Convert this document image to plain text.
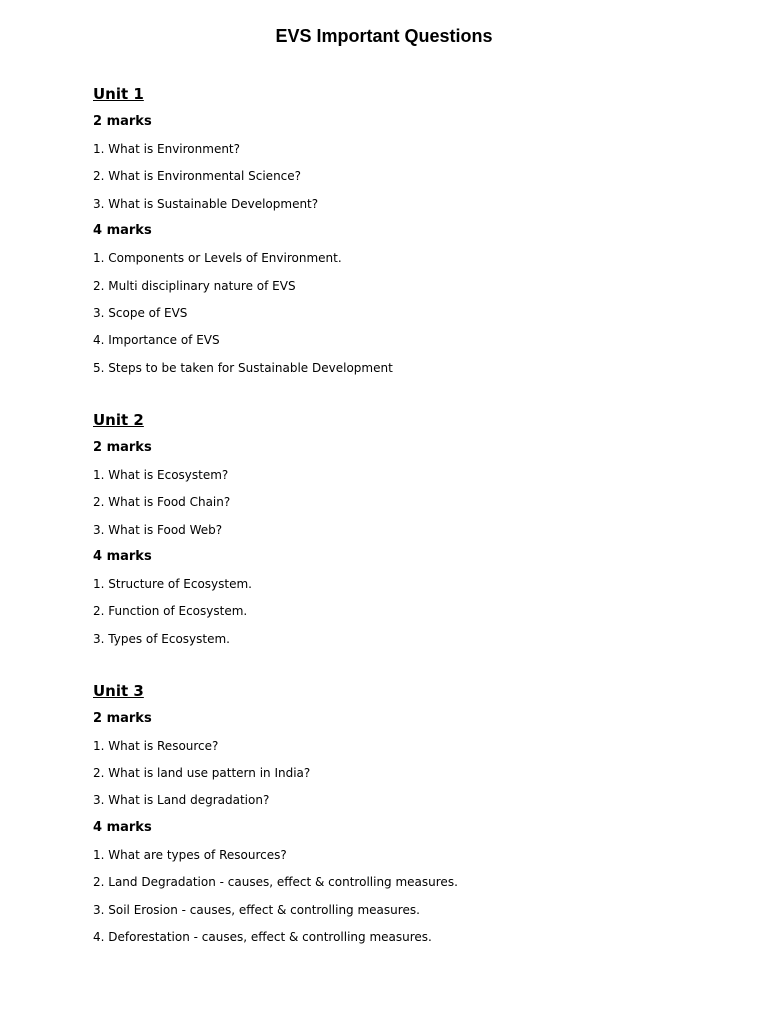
EVS Important Questions
Unit 1
2 marks
1. What is Environment?
2. What is Environmental Science?
3. What is Sustainable Development?
4 marks
1. Components or Levels of Environment.
2. Multi disciplinary nature of EVS
3. Scope of EVS
4. Importance of EVS
5. Steps to be taken for Sustainable Development
Unit 2
2 marks
1. What is Ecosystem?
2. What is Food Chain?
3. What is Food Web?
4 marks
1. Structure of Ecosystem.
2. Function of Ecosystem.
3. Types of Ecosystem.
Unit 3
2 marks
1. What is Resource?
2. What is land use pattern in India?
3. What is Land degradation?
4 marks
1. What are types of Resources?
2. Land Degradation - causes, effect & controlling measures.
3. Soil Erosion - causes, effect & controlling measures.
4. Deforestation - causes, effect & controlling measures.
